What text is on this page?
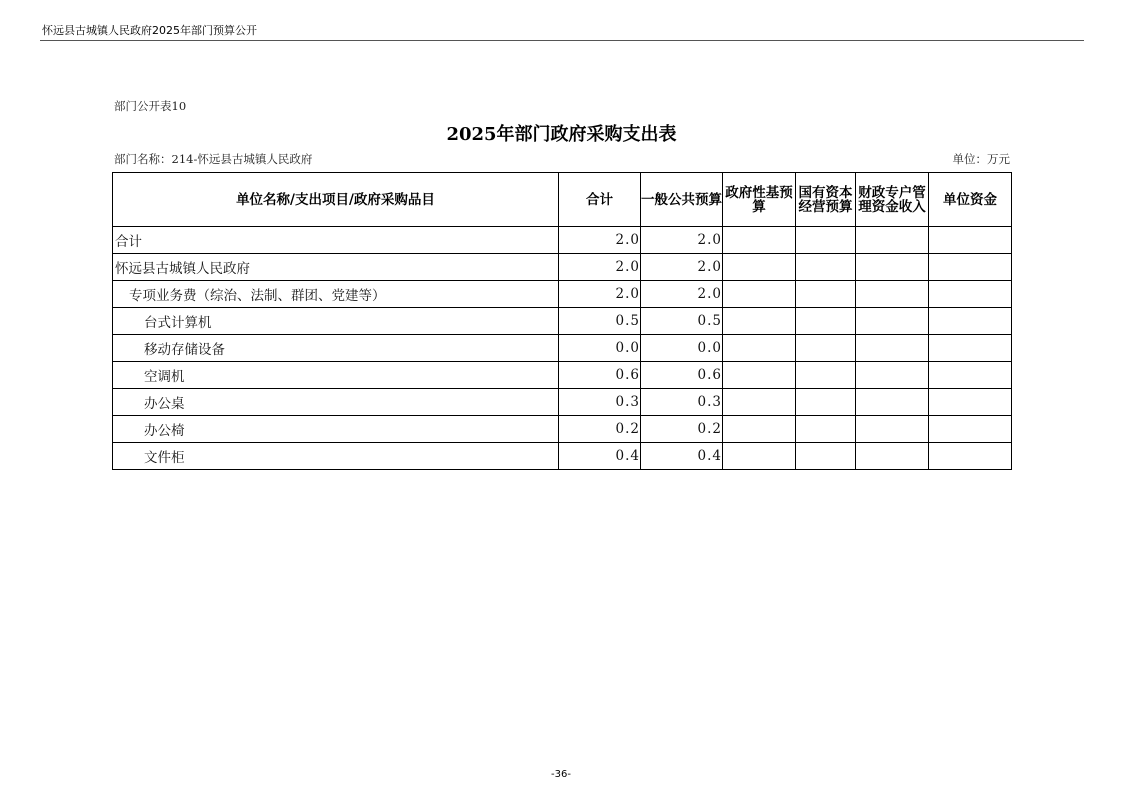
怀远县古城镇人民政府2025年部门预算公开
部门公开表10
2025年部门政府采购支出表
部门名称：214-怀远县古城镇人民政府	单位：万元
单位名称/支出项目/政府采购品目	合计	一般公共预算	政府性基预算	国有资本经营预算	财政专户管理资金收入	单位资金
合计	2.0	2.0				
怀远县古城镇人民政府	2.0	2.0				
专项业务费（综治、法制、群团、党建等）	2.0	2.0				
台式计算机	0.5	0.5				
移动存储设备	0.0	0.0				
空调机	0.6	0.6				
办公桌	0.3	0.3				
办公椅	0.2	0.2				
文件柜	0.4	0.4				
-36-
